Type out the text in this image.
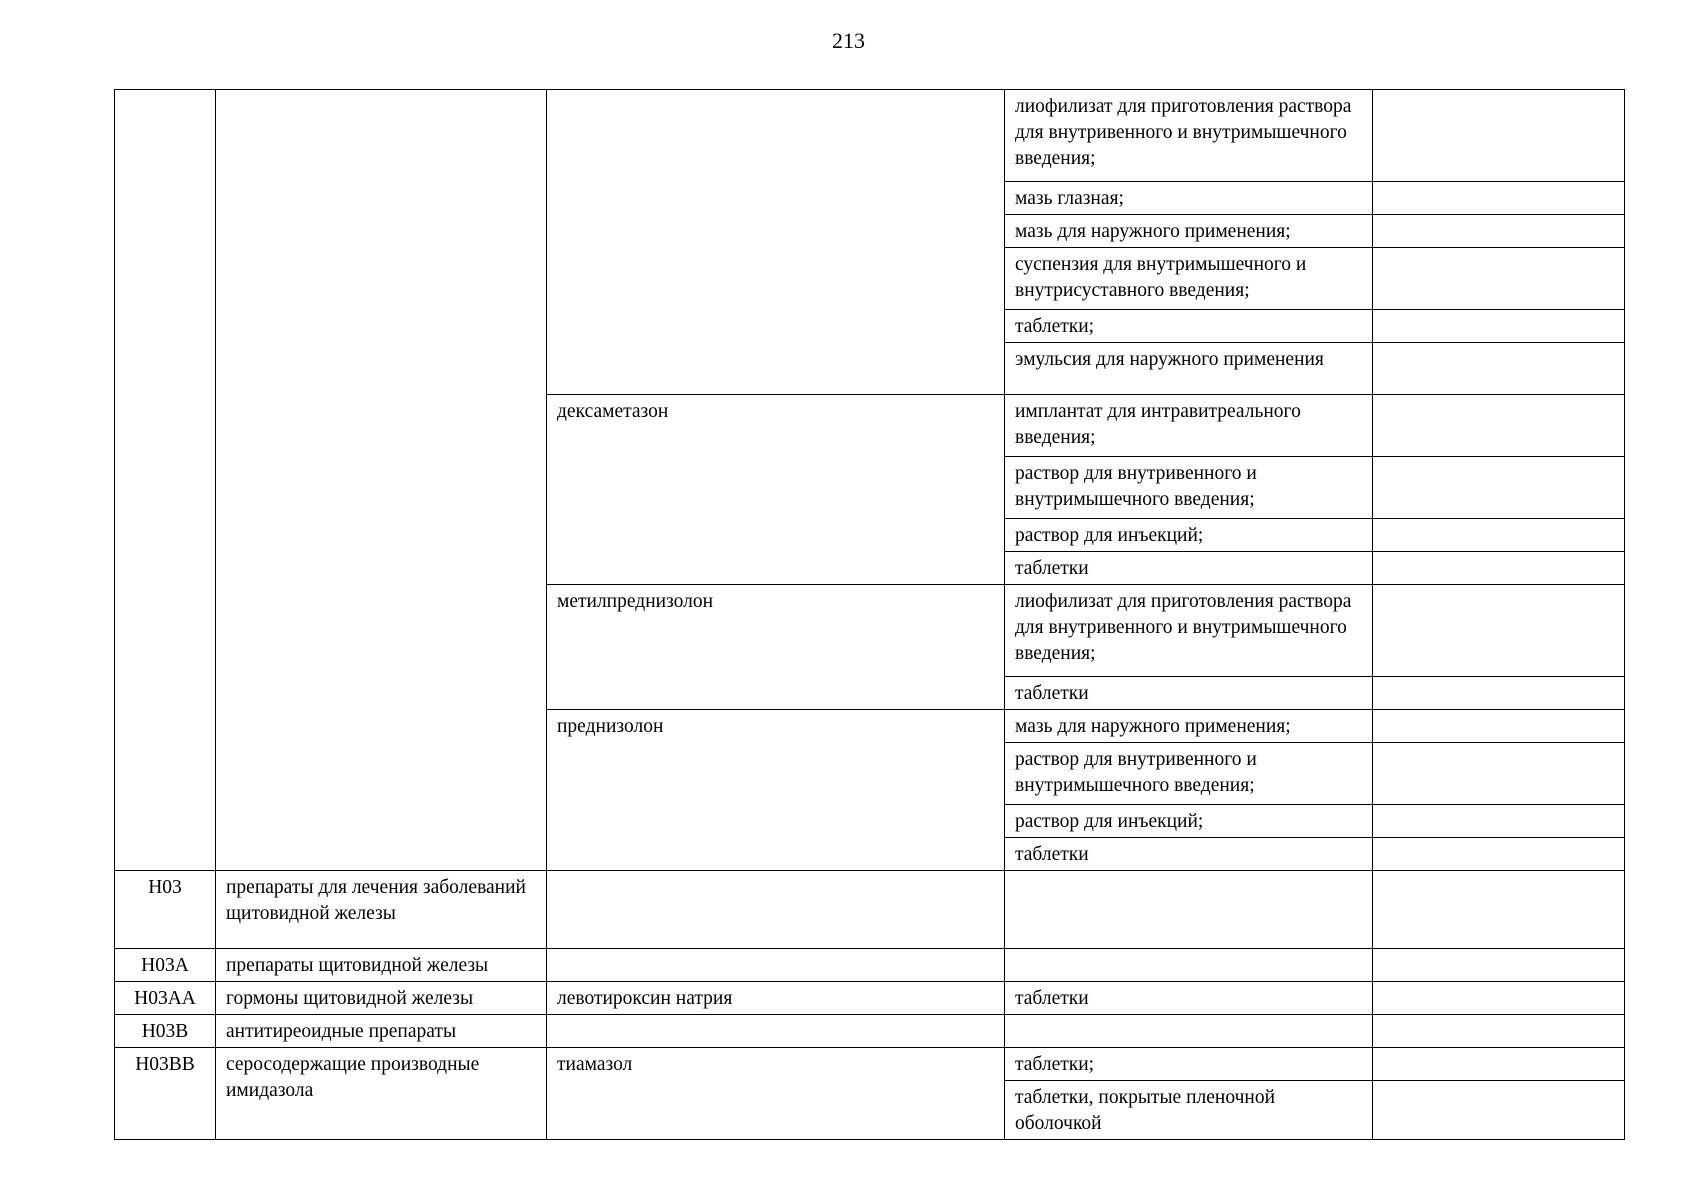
213
			лиофилизат для приготовления раствора для внутривенного и внутримышечного введения;	
			мазь глазная;	
			мазь для наружного применения;	
			суспензия для внутримышечного и внутрисуставного введения;	
			таблетки;	
			эмульсия для наружного применения	
		дексаметазон	имплантат для интравитреального введения;	
			раствор для внутривенного и внутримышечного введения;	
			раствор для инъекций;	
			таблетки	
		метилпреднизолон	лиофилизат для приготовления раствора для внутривенного и внутримышечного введения;	
			таблетки	
		преднизолон	мазь для наружного применения;	
			раствор для внутривенного и внутримышечного введения;	
			раствор для инъекций;	
			таблетки	
H03	препараты для лечения заболеваний щитовидной железы			
H03A	препараты щитовидной железы			
H03AA	гормоны щитовидной железы	левотироксин натрия	таблетки	
H03B	антитиреоидные препараты			
H03BB	серосодержащие производные имидазола	тиамазол	таблетки;	
			таблетки, покрытые пленочной оболочкой	
